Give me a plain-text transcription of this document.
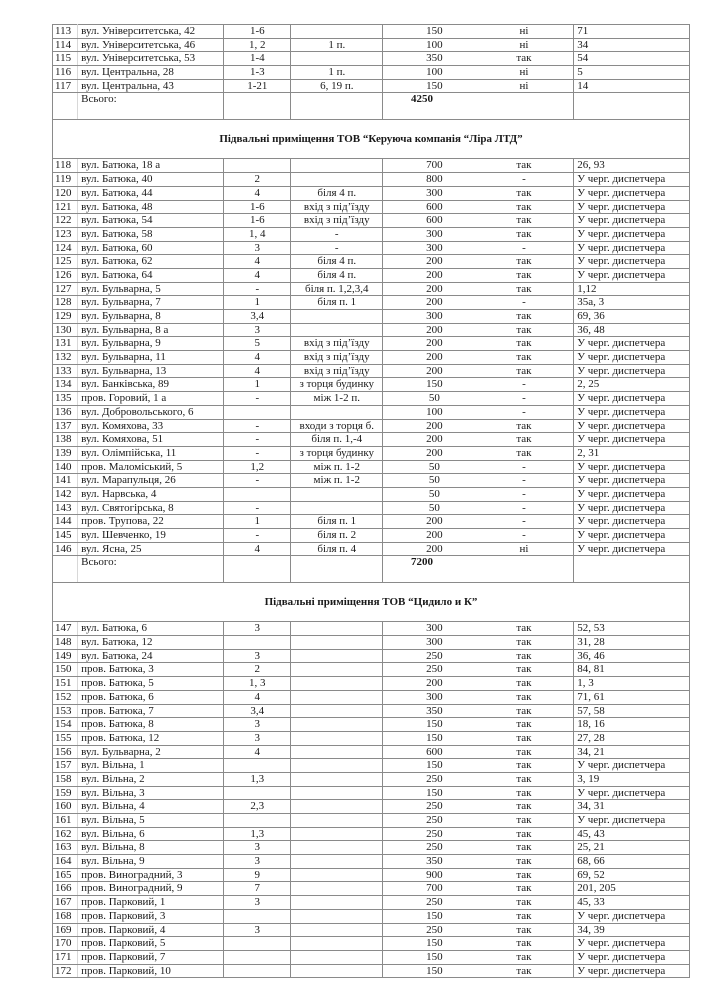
113	вул. Університетська, 42	1-6		150	ні	71
114	вул. Університетська, 46	1, 2	1 п.	100	ні	34
115	вул. Університетська, 53	1-4		350	так	54
116	вул. Центральна, 28	1-3	1 п.	100	ні	5
117	вул. Центральна, 43	1-21	6, 19 п.	150	ні	14
	Всього:			4250		
Підвальні приміщення ТОВ “Керуюча компанія “Ліра ЛТД”						
118	вул. Батюка, 18 а			700	так	26, 93
119	вул. Батюка, 40	2		800	-	У черг. диспетчера
120	вул. Батюка, 44	4	біля 4 п.	300	так	У черг. диспетчера
121	вул. Батюка, 48	1-6	вхід з під’їзду	600	так	У черг. диспетчера
122	вул. Батюка, 54	1-6	вхід з під’їзду	600	так	У черг. диспетчера
123	вул. Батюка, 58	1, 4	-	300	так	У черг. диспетчера
124	вул. Батюка, 60	3	-	300	-	У черг. диспетчера
125	вул. Батюка, 62	4	біля 4 п.	200	так	У черг. диспетчера
126	вул. Батюка, 64	4	біля 4 п.	200	так	У черг. диспетчера
127	вул. Бульварна, 5	-	біля п. 1,2,3,4	200	так	1,12
128	вул. Бульварна, 7	1	біля п. 1	200	-	35а, 3
129	вул. Бульварна, 8	3,4		300	так	69, 36
130	вул. Бульварна, 8 а	3		200	так	36, 48
131	вул. Бульварна, 9	5	вхід з під’їзду	200	так	У черг. диспетчера
132	вул. Бульварна, 11	4	вхід з під’їзду	200	так	У черг. диспетчера
133	вул. Бульварна, 13	4	вхід з під’їзду	200	так	У черг. диспетчера
134	вул. Банківська, 89	1	з торця будинку	150	-	2, 25
135	пров. Горовий, 1 а	-	між 1-2 п.	50	-	У черг. диспетчера
136	вул. Добровольського, 6			100	-	У черг. диспетчера
137	вул. Комяхова, 33	-	входи з торця б.	200	так	У черг. диспетчера
138	вул. Комяхова, 51	-	біля п. 1,-4	200	так	У черг. диспетчера
139	вул. Олімпійська, 11	-	з торця будинку	200	так	2, 31
140	пров. Маломіський, 5	1,2	між п. 1-2	50	-	У черг. диспетчера
141	вул. Марапульця, 26	-	між п. 1-2	50	-	У черг. диспетчера
142	вул. Нарвська, 4			50	-	У черг. диспетчера
143	вул. Святогірська, 8	-		50	-	У черг. диспетчера
144	пров. Трупова, 22	1	біля п. 1	200	-	У черг. диспетчера
145	вул. Шевченко, 19	-	біля п. 2	200	-	У черг. диспетчера
146	вул. Ясна, 25	4	біля п. 4	200	ні	У черг. диспетчера
	Всього:			7200		
Підвальні приміщення ТОВ “Цидило и К”						
147	вул. Батюка, 6	3		300	так	52, 53
148	вул. Батюка, 12			300	так	31, 28
149	вул. Батюка, 24	3		250	так	36, 46
150	пров. Батюка, 3	2		250	так	84, 81
151	пров. Батюка, 5	1, 3		200	так	1, 3
152	пров. Батюка, 6	4		300	так	71, 61
153	пров. Батюка, 7	3,4		350	так	57, 58
154	пров. Батюка, 8	3		150	так	18, 16
155	пров. Батюка, 12	3		150	так	27, 28
156	вул. Бульварна, 2	4		600	так	34, 21
157	вул. Вільна, 1			150	так	У черг. диспетчера
158	вул. Вільна, 2	1,3		250	так	3, 19
159	вул. Вільна, 3			150	так	У черг. диспетчера
160	вул. Вільна, 4	2,3		250	так	34, 31
161	вул. Вільна, 5			250	так	У черг. диспетчера
162	вул. Вільна, 6	1,3		250	так	45, 43
163	вул. Вільна, 8	3		250	так	25, 21
164	вул. Вільна, 9	3		350	так	68, 66
165	пров. Виноградний, 3	9		900	так	69, 52
166	пров. Виноградний, 9	7		700	так	201, 205
167	пров. Парковий, 1	3		250	так	45, 33
168	пров. Парковий, 3			150	так	У черг. диспетчера
169	пров. Парковий, 4	3		250	так	34, 39
170	пров. Парковий, 5			150	так	У черг. диспетчера
171	пров. Парковий, 7			150	так	У черг. диспетчера
172	пров. Парковий, 10			150	так	У черг. диспетчера
